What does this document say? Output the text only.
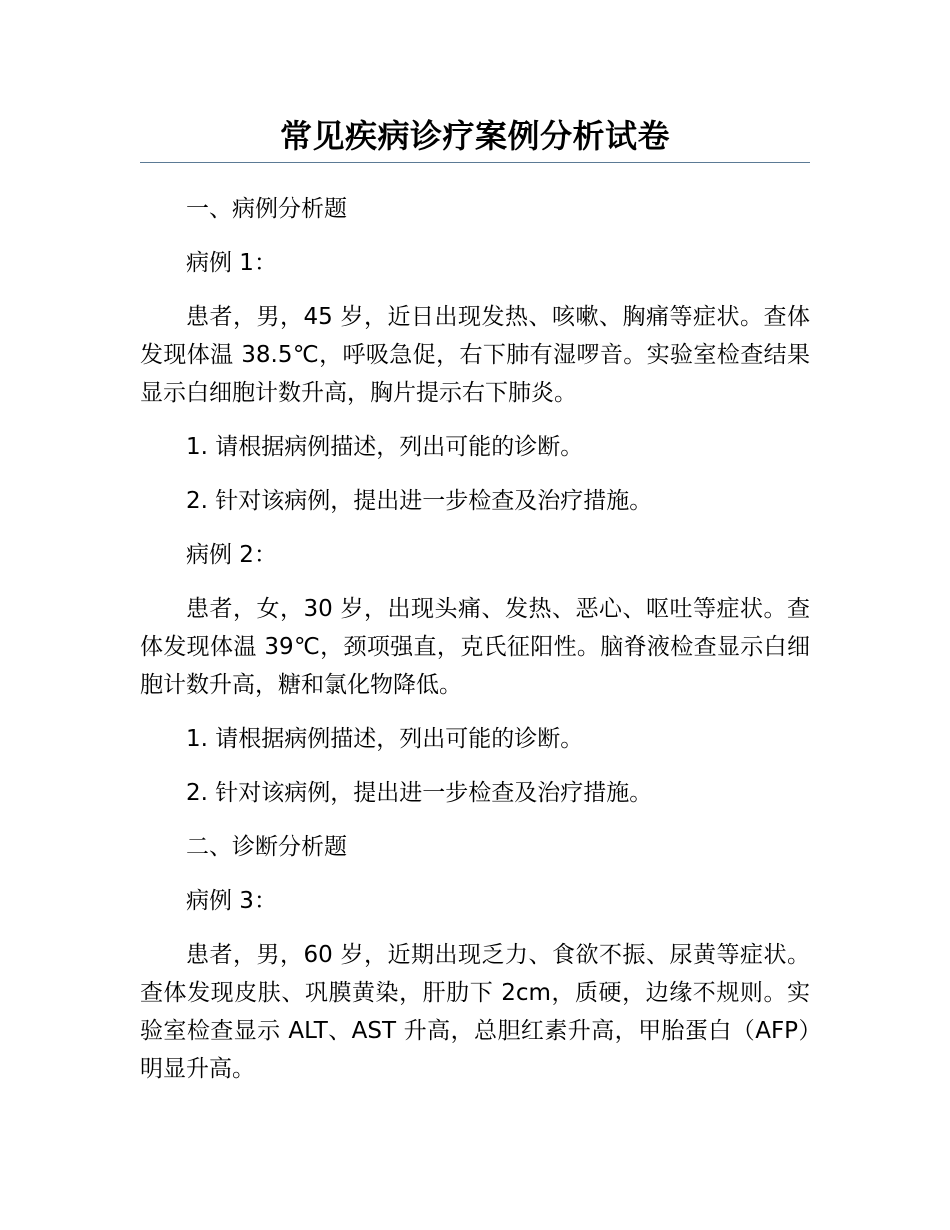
常见疾病诊疗案例分析试卷

一、病例分析题

病例 1：

患者，男，45 岁，近日出现发热、咳嗽、胸痛等症状。查体发现体温 38.5℃，呼吸急促，右下肺有湿啰音。实验室检查结果显示白细胞计数升高，胸片提示右下肺炎。

1. 请根据病例描述，列出可能的诊断。

2. 针对该病例，提出进一步检查及治疗措施。

病例 2：

患者，女，30 岁，出现头痛、发热、恶心、呕吐等症状。查体发现体温 39℃，颈项强直，克氏征阳性。脑脊液检查显示白细胞计数升高，糖和氯化物降低。

1. 请根据病例描述，列出可能的诊断。

2. 针对该病例，提出进一步检查及治疗措施。

二、诊断分析题

病例 3：

患者，男，60 岁，近期出现乏力、食欲不振、尿黄等症状。查体发现皮肤、巩膜黄染，肝肋下 2cm，质硬，边缘不规则。实验室检查显示 ALT、AST 升高，总胆红素升高，甲胎蛋白（AFP）明显升高。
